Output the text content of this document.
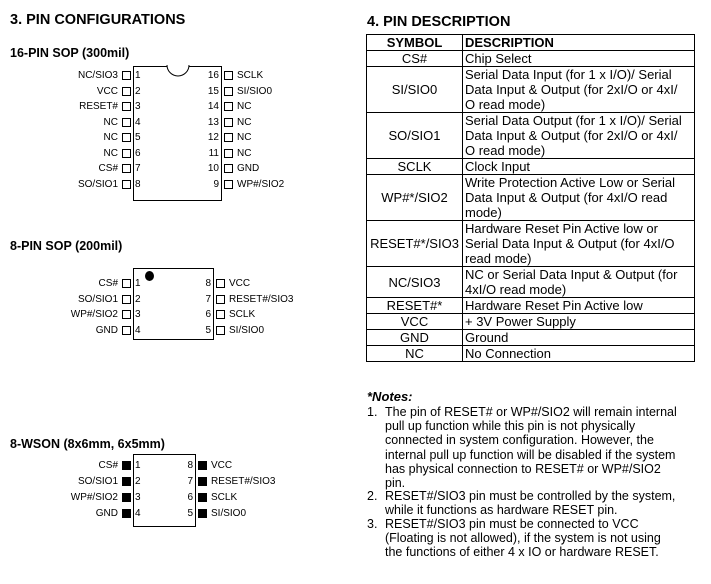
3. PIN CONFIGURATIONS
16-PIN SOP (300mil)
NC/SIO3 1
VCC 2
RESET# 3
NC 4
NC 5
NC 6
CS# 7
SO/SIO1 8
16 SCLK
15 SI/SIO0
14 NC
13 NC
12 NC
11 NC
10 GND
9 WP#/SIO2
8-PIN SOP (200mil)
CS# 1
SO/SIO1 2
WP#/SIO2 3
GND 4
8 VCC
7 RESET#/SIO3
6 SCLK
5 SI/SIO0
8-WSON (8x6mm, 6x5mm)
CS# 1
SO/SIO1 2
WP#/SIO2 3
GND 4
8 VCC
7 RESET#/SIO3
6 SCLK
5 SI/SIO0
4. PIN DESCRIPTION
SYMBOL	DESCRIPTION
CS#	Chip Select

SI/SIO0	Serial Data Input (for 1 x I/O)/ Serial
Data Input & Output (for 2xI/O or 4xI/
O read mode)

SO/SIO1	Serial Data Output (for 1 x I/O)/ Serial
Data Input & Output (for 2xI/O or 4xI/
O read mode)

SCLK	Clock Input

WP#*/SIO2	Write Protection Active Low or Serial
Data Input & Output (for 4xI/O read
mode)

RESET#*/SIO3	Hardware Reset Pin Active low or
Serial Data Input & Output (for 4xI/O
read mode)

NC/SIO3	NC or Serial Data Input & Output (for
4xI/O read mode)

RESET#*	Hardware Reset Pin Active low

VCC	+ 3V Power Supply

GND	Ground

NC	No Connection
*Notes:
1. The pin of RESET# or WP#/SIO2 will remain internal
pull up function while this pin is not physically
connected in system configuration. However, the
internal pull up function will be disabled if the system
has physical connection to RESET# or WP#/SIO2
pin.
2. RESET#/SIO3 pin must be controlled by the system,
while it functions as hardware RESET pin.
3. RESET#/SIO3 pin must be connected to VCC
(Floating is not allowed), if the system is not using
the functions of either 4 x IO or hardware RESET.
